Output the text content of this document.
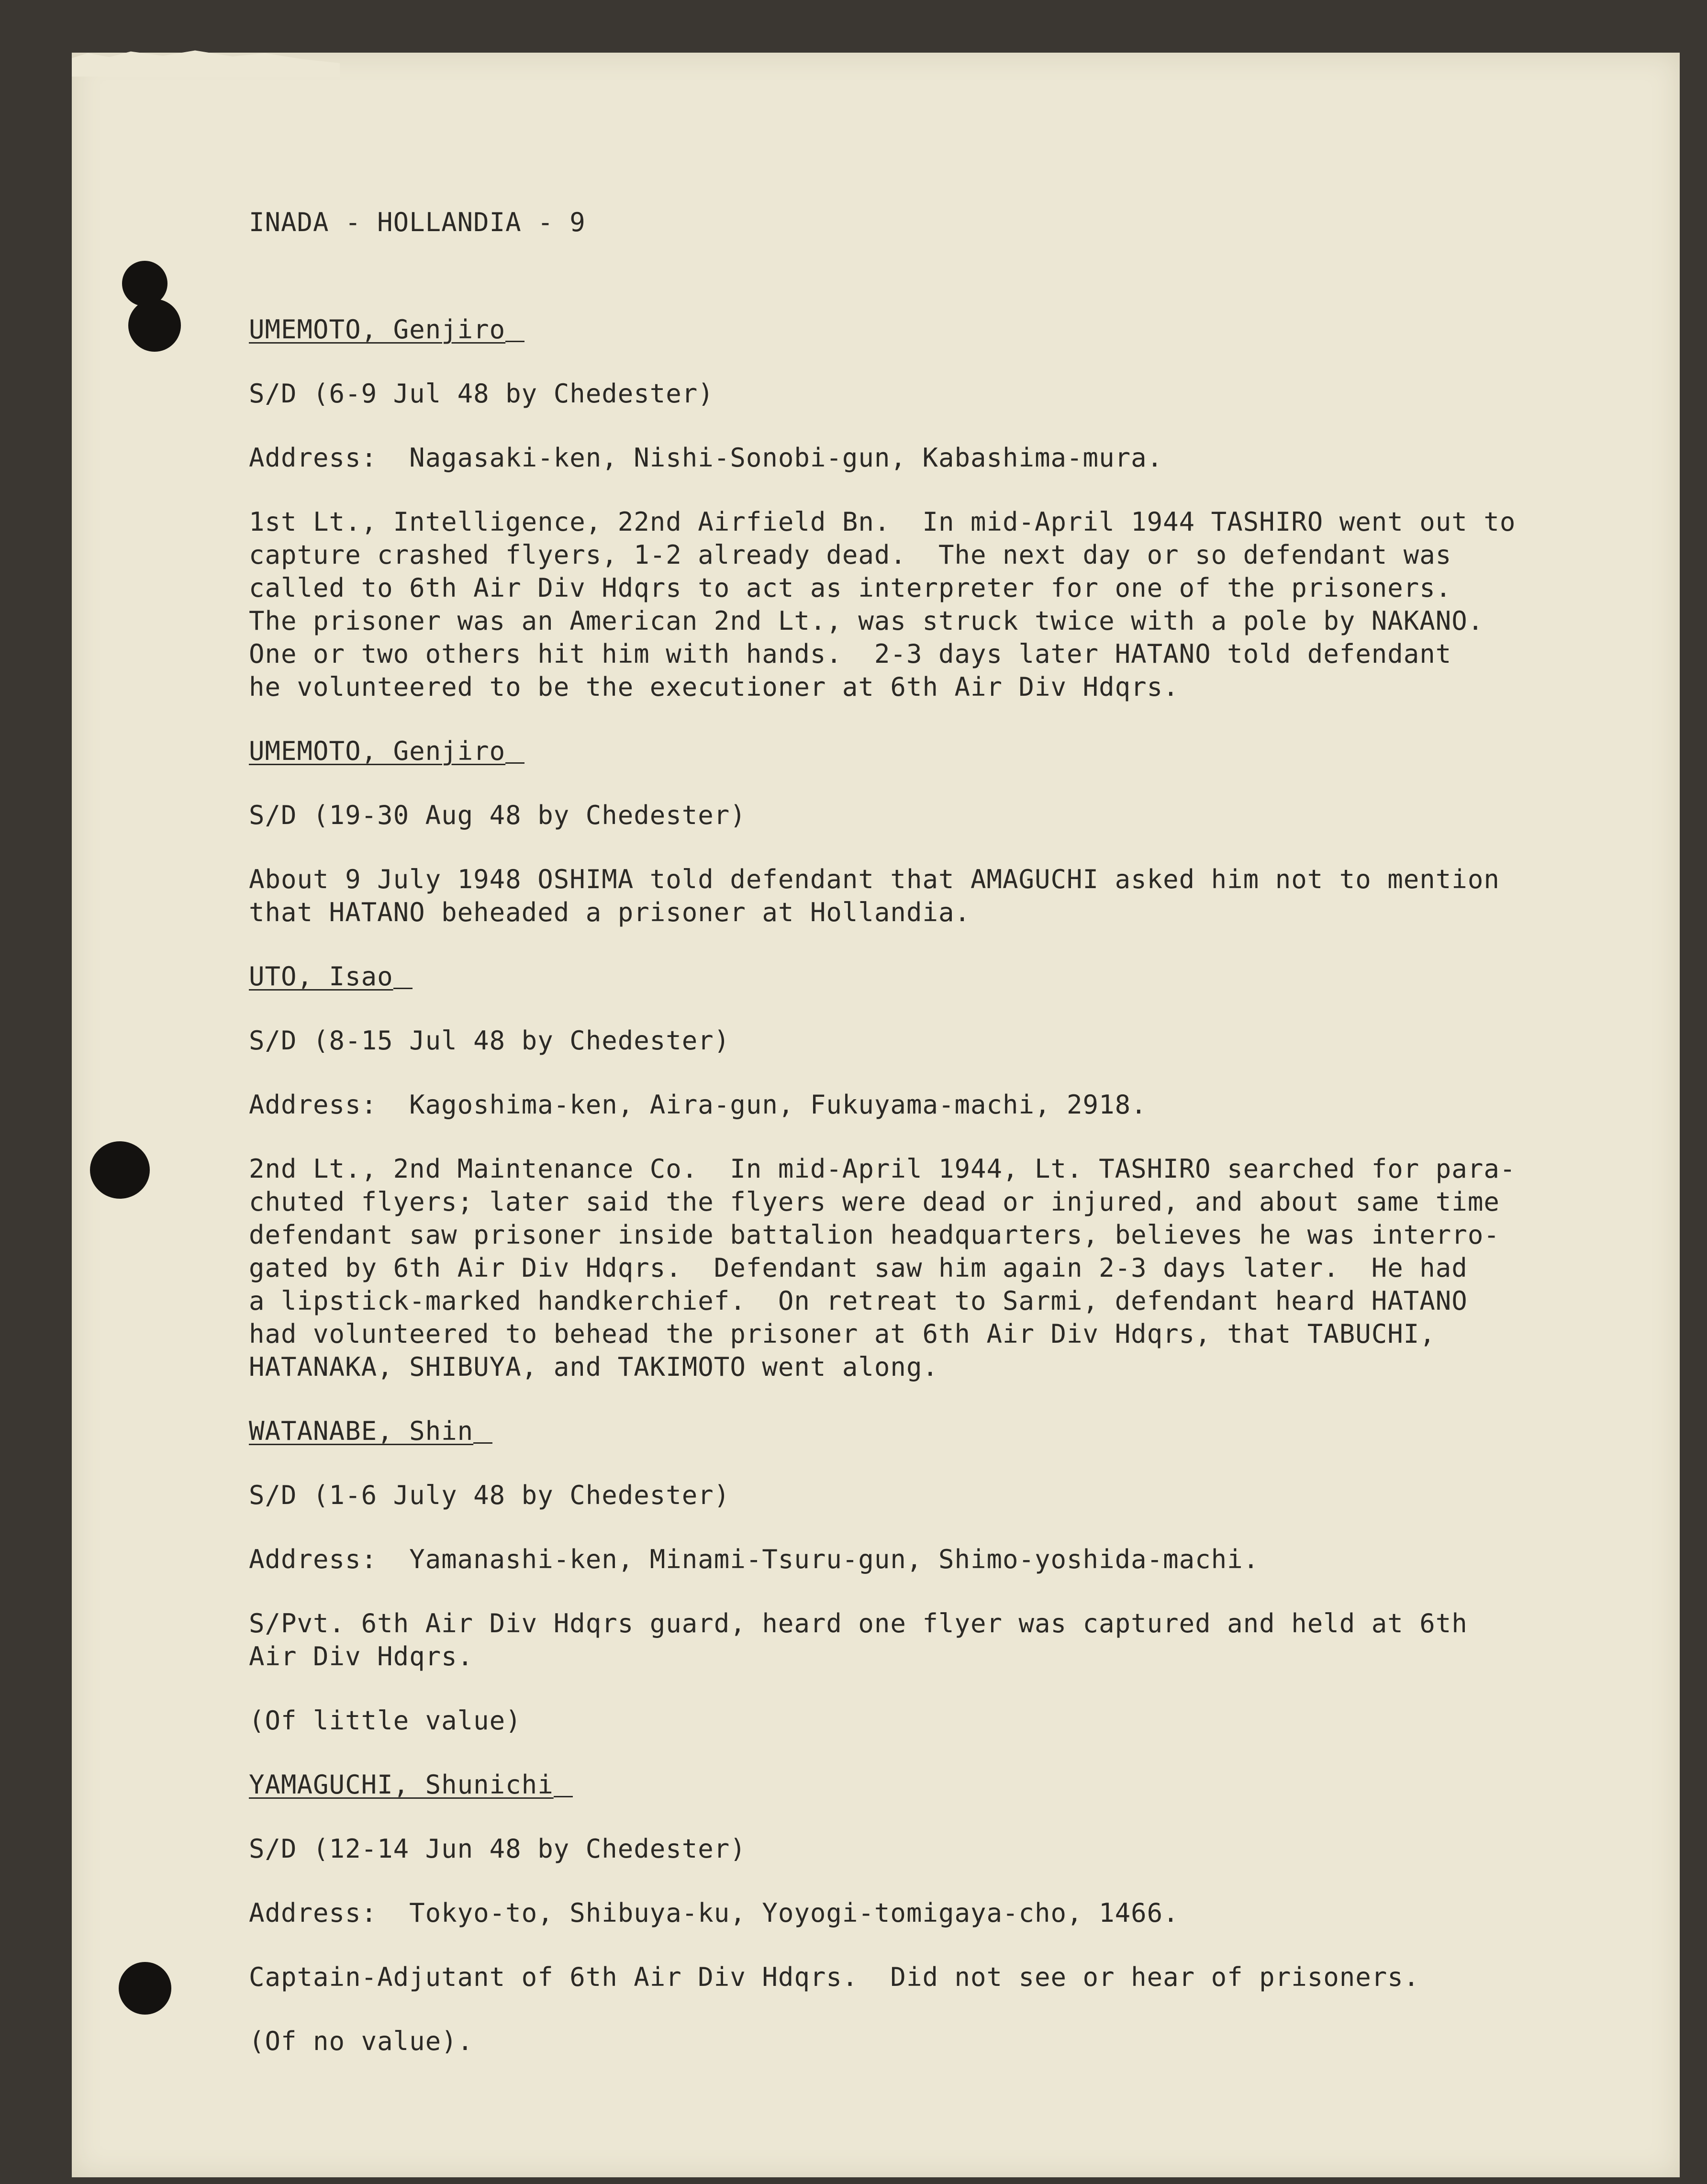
INADA - HOLLANDIA - 9

UMEMOTO, Genjiro

S/D (6-9 Jul 48 by Chedester)

Address:  Nagasaki-ken, Nishi-Sonobi-gun, Kabashima-mura.

1st Lt., Intelligence, 22nd Airfield Bn.  In mid-April 1944 TASHIRO went out to

capture crashed flyers, 1-2 already dead.  The next day or so defendant was

called to 6th Air Div Hdqrs to act as interpreter for one of the prisoners.

The prisoner was an American 2nd Lt., was struck twice with a pole by NAKANO.

One or two others hit him with hands.  2-3 days later HATANO told defendant

he volunteered to be the executioner at 6th Air Div Hdqrs.

UMEMOTO, Genjiro

S/D (19-30 Aug 48 by Chedester)

About 9 July 1948 OSHIMA told defendant that AMAGUCHI asked him not to mention

that HATANO beheaded a prisoner at Hollandia.

UTO, Isao

S/D (8-15 Jul 48 by Chedester)

Address:  Kagoshima-ken, Aira-gun, Fukuyama-machi, 2918.

2nd Lt., 2nd Maintenance Co.  In mid-April 1944, Lt. TASHIRO searched for para-

chuted flyers; later said the flyers were dead or injured, and about same time

defendant saw prisoner inside battalion headquarters, believes he was interro-

gated by 6th Air Div Hdqrs.  Defendant saw him again 2-3 days later.  He had

a lipstick-marked handkerchief.  On retreat to Sarmi, defendant heard HATANO

had volunteered to behead the prisoner at 6th Air Div Hdqrs, that TABUCHI,

HATANAKA, SHIBUYA, and TAKIMOTO went along.

WATANABE, Shin

S/D (1-6 July 48 by Chedester)

Address:  Yamanashi-ken, Minami-Tsuru-gun, Shimo-yoshida-machi.

S/Pvt. 6th Air Div Hdqrs guard, heard one flyer was captured and held at 6th

Air Div Hdqrs.

(Of little value)

YAMAGUCHI, Shunichi

S/D (12-14 Jun 48 by Chedester)

Address:  Tokyo-to, Shibuya-ku, Yoyogi-tomigaya-cho, 1466.

Captain-Adjutant of 6th Air Div Hdqrs.  Did not see or hear of prisoners.

(Of no value).
